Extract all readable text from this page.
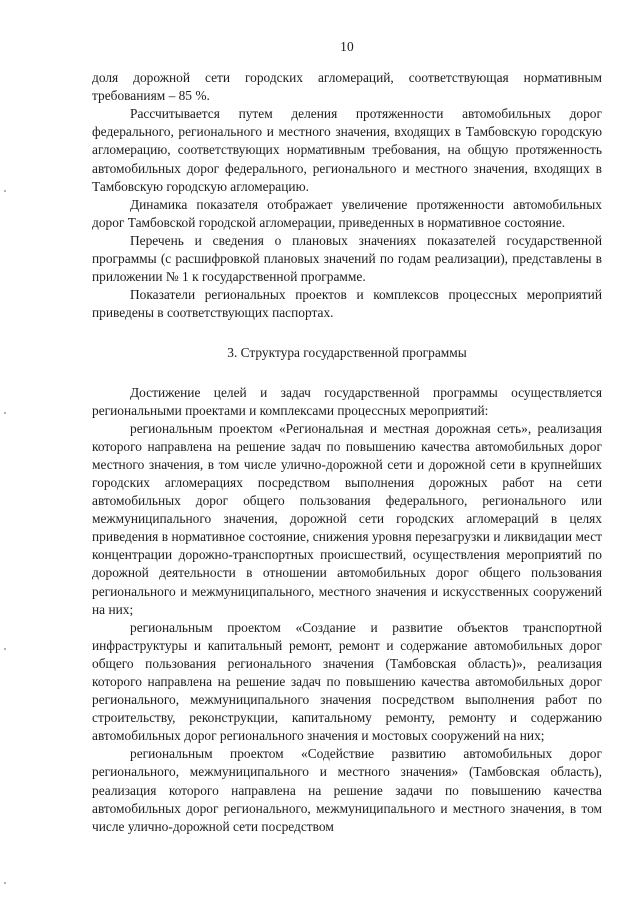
10

доля дорожной сети городских агломераций, соответствующая нормативным требованиям – 85 %.

Рассчитывается путем деления протяженности автомобильных дорог федерального, регионального и местного значения, входящих в Тамбовскую городскую агломерацию, соответствующих нормативным требования, на общую протяженность автомобильных дорог федерального, регионального и местного значения, входящих в Тамбовскую городскую агломерацию.

Динамика показателя отображает увеличение протяженности автомобильных дорог Тамбовской городской агломерации, приведенных в нормативное состояние.

Перечень и сведения о плановых значениях показателей государственной программы (с расшифровкой плановых значений по годам реализации), представлены в приложении № 1 к государственной программе.

Показатели региональных проектов и комплексов процессных мероприятий приведены в соответствующих паспортах.

3. Структура государственной программы

Достижение целей и задач государственной программы осуществляется региональными проектами и комплексами процессных мероприятий:

региональным проектом «Региональная и местная дорожная сеть», реализация которого направлена на решение задач по повышению качества автомобильных дорог местного значения, в том числе улично-дорожной сети и дорожной сети в крупнейших городских агломерациях посредством выполнения дорожных работ на сети автомобильных дорог общего пользования федерального, регионального или межмуниципального значения, дорожной сети городских агломераций в целях приведения в нормативное состояние, снижения уровня перезагрузки и ликвидации мест концентрации дорожно-транспортных происшествий, осуществления мероприятий по дорожной деятельности в отношении автомобильных дорог общего пользования регионального и межмуниципального, местного значения и искусственных сооружений на них;

региональным проектом «Создание и развитие объектов транспортной инфраструктуры и капитальный ремонт, ремонт и содержание автомобильных дорог общего пользования регионального значения (Тамбовская область)», реализация которого направлена на решение задач по повышению качества автомобильных дорог регионального, межмуниципального значения посредством выполнения работ по строительству, реконструкции, капитальному ремонту, ремонту и содержанию автомобильных дорог регионального значения и мостовых сооружений на них;

региональным проектом «Содействие развитию автомобильных дорог регионального, межмуниципального и местного значения» (Тамбовская область), реализация которого направлена на решение задачи по повышению качества автомобильных дорог регионального, межмуниципального и местного значения, в том числе улично-дорожной сети посредством
